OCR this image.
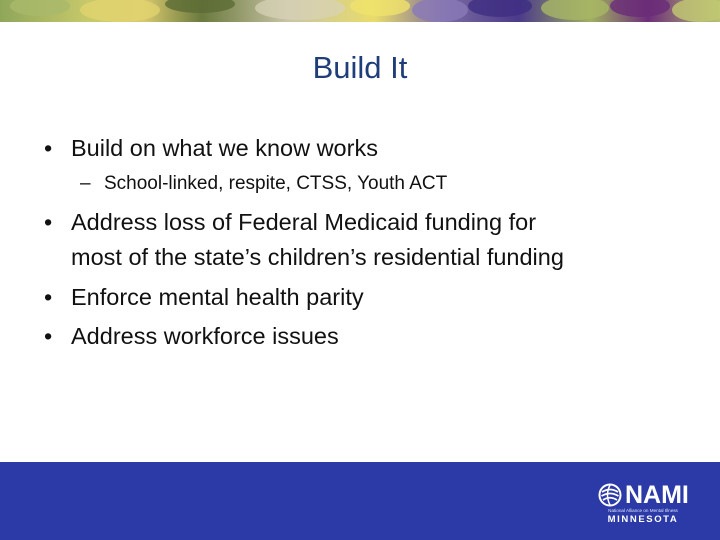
Build It
• Build on what we know works
– School-linked, respite, CTSS, Youth ACT
• Address loss of Federal Medicaid funding for
most of the state’s children’s residential funding
• Enforce mental health parity
• Address workforce issues
NAMI
National Alliance on Mental Illness
MINNESOTA
